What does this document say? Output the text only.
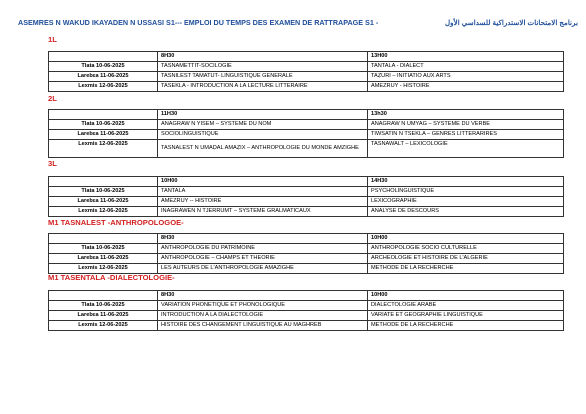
ASEMRES N WAKUD IKAYADEN N USSASI S1--- EMPLOI DU TEMPS DES EXAMEN DE RATTRAPAGE S1 -	برنامج الامتحانات الاستدراكية للسداسي الأول
1L
	8H30	13H00
Tlata 10-06-2025	TASNAMETTIT-SOCILOGIE	TANTALA - DIALECT
Larebɛa 11-06-2025	TASNILEST TAMATUT- LINGUISTIQUE GENERALE	TAẒURI – INITIATIO AUX ARTS
Lexmis 12-06-2025	TASEKLA - INTRODUCTION A LA LECTURE LITTERAIRE	AMEZRUY - HISTOIRE
2L
	11H30	13h30
Tlata 10-06-2025	ANAGRAW N YISEM – SYSTEME DU NOM	ANAGRAW N UMYAG – SYSTEME DU VERBE
Larebɛa 11-06-2025	SOCIOLINGUISTIQUE	TIWSATIN N TSEKLA – GENRES LITTERARIRES
Lexmis 12-06-2025	TASNALEST N UMAḌAL AMAẒIX – ANTHROPOLOGIE DU MONDE AMZIGHE	TASNAWALT – LEXICOLOGIE
3L
	10H00	14H30
Tlata 10-06-2025	TANTALA	PSYCHOLINGUISTIQUE
Larebɛa 11-06-2025	AMEZRUY -- HISTOIRE	LEXICOGRAPHIE
Lexmis 12-06-2025	INAGRAWEN N TJERRUMT – SYSTEME GRALMATICAUX	ANALYSE DE DESCOURS
M1 TASNALEST -ANTHROPOLOGOE-
	8H30	10H00
Tlata 10-06-2025	ANTHROPOLOGIE DU PATRIMOINE	ANTHROPOLOGIE SOCIO CULTURELLE
Larebɛa 11-06-2025	ANTHROPOLOGIE – CHAMPS ET THEORIE	ARCHEOLOGIE ET HISTOIRE DE L'ALGERIE
Lexmis 12-06-2025	LES AUTEURS DE L'ANTHROPOLOGIE AMAZIGHE	METHODE DE LA RECHERCHE
M1 TASENTALA -DIALECTOLOGIE-
	8H30	10H00
Tlata 10-06-2025	VARIATION PHONETIQUE ET PHONOLOGIQUE	DIALECTOLOGIE ARABE
Larebɛa 11-06-2025	INTRODUCTION A LA DIALECTOLOGIE	VARIATE ET GEOGRAPHIE LINGUISTIQUE
Lexmis 12-06-2025	HISTOIRE DES CHANGEMENT LINGUISTIQUE AU MAGHREB	METHODE DE LA RECHERCHE
